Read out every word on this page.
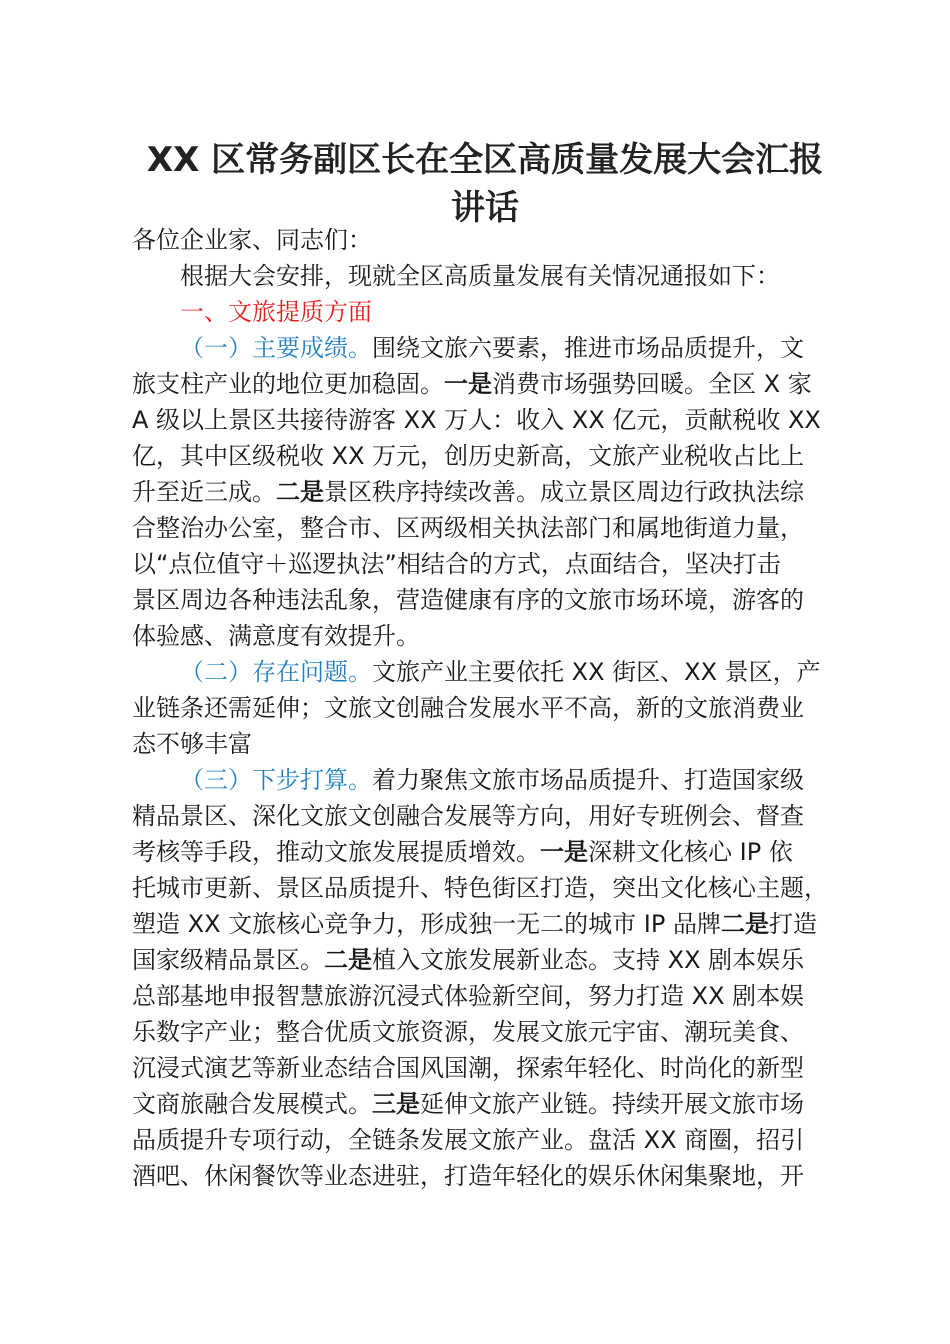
XX 区常务副区长在全区高质量发展大会汇报
讲话
各位企业家、同志们：
根据大会安排，现就全区高质量发展有关情况通报如下：
一、文旅提质方面
（一）主要成绩。围绕文旅六要素，推进市场品质提升，文
旅支柱产业的地位更加稳固。一是消费市场强势回暖。全区 X 家
A 级以上景区共接待游客 XX 万人：收入 XX 亿元，贡献税收 XX
亿，其中区级税收 XX 万元，创历史新高，文旅产业税收占比上
升至近三成。二是景区秩序持续改善。成立景区周边行政执法综
合整治办公室，整合市、区两级相关执法部门和属地街道力量，
以“点位值守＋巡逻执法”相结合的方式，点面结合，坚决打击
景区周边各种违法乱象，营造健康有序的文旅市场环境，游客的
体验感、满意度有效提升。
（二）存在问题。文旅产业主要依托 XX 街区、XX 景区，产
业链条还需延伸；文旅文创融合发展水平不高，新的文旅消费业
态不够丰富
（三）下步打算。着力聚焦文旅市场品质提升、打造国家级
精品景区、深化文旅文创融合发展等方向，用好专班例会、督查
考核等手段，推动文旅发展提质增效。一是深耕文化核心 IP 依
托城市更新、景区品质提升、特色街区打造，突出文化核心主题，
塑造 XX 文旅核心竞争力，形成独一无二的城市 IP 品牌二是打造
国家级精品景区。二是植入文旅发展新业态。支持 XX 剧本娱乐
总部基地申报智慧旅游沉浸式体验新空间，努力打造 XX 剧本娱
乐数字产业；整合优质文旅资源，发展文旅元宇宙、潮玩美食、
沉浸式演艺等新业态结合国风国潮，探索年轻化、时尚化的新型
文商旅融合发展模式。三是延伸文旅产业链。持续开展文旅市场
品质提升专项行动，全链条发展文旅产业。盘活 XX 商圈，招引
酒吧、休闲餐饮等业态进驻，打造年轻化的娱乐休闲集聚地，开
